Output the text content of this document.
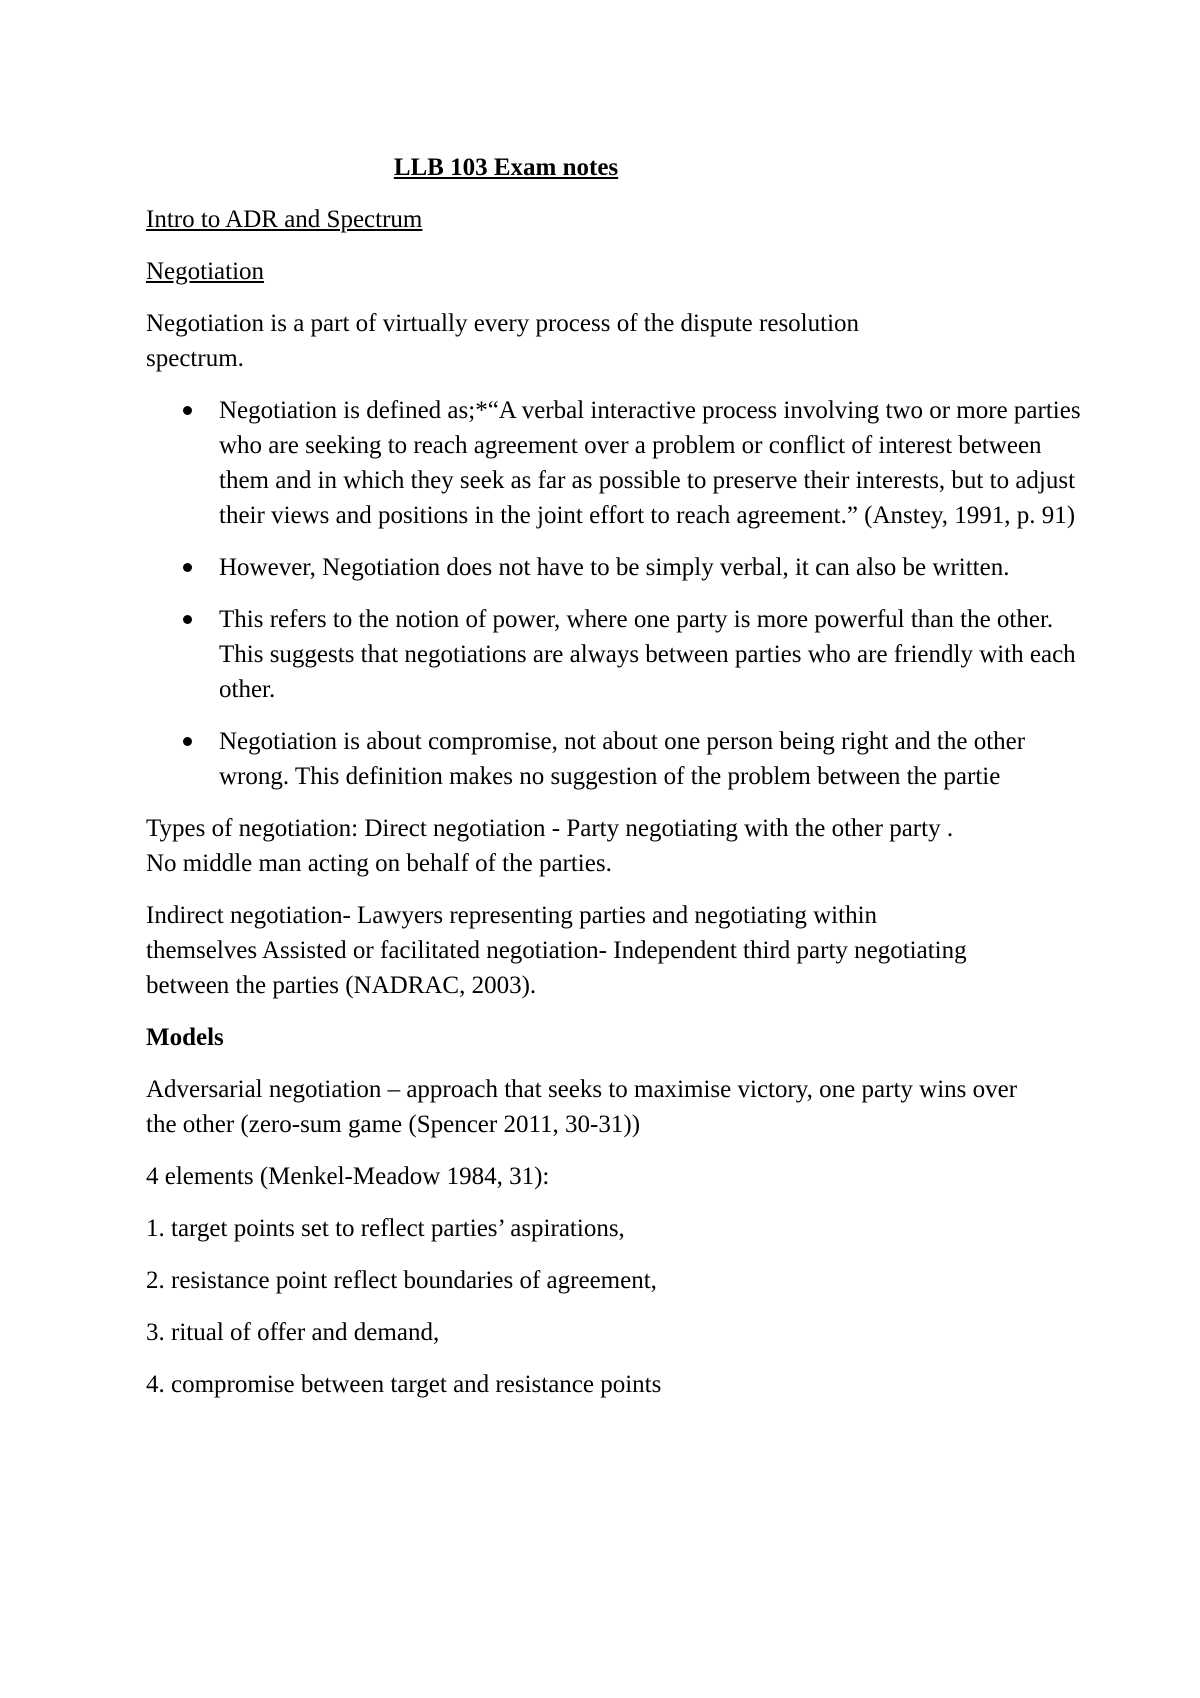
LLB 103 Exam notes
Intro to ADR and Spectrum
Negotiation

Negotiation is a part of virtually every process of the dispute resolution spectrum.

Negotiation is defined as;*“A verbal interactive process involving two or more parties who are seeking to reach agreement over a problem or conflict of interest between them and in which they seek as far as possible to preserve their interests, but to adjust their views and positions in the joint effort to reach agreement.” (Anstey, 1991, p. 91)
However, Negotiation does not have to be simply verbal, it can also be written.
This refers to the notion of power, where one party is more powerful than the other. This suggests that negotiations are always between parties who are friendly with each other.
Negotiation is about compromise, not about one person being right and the other wrong. This definition makes no suggestion of the problem between the partie

Types of negotiation: Direct negotiation - Party negotiating with the other party . No middle man acting on behalf of the parties.

Indirect negotiation- Lawyers representing parties and negotiating within themselves Assisted or facilitated negotiation- Independent third party negotiating between the parties (NADRAC, 2003).

Models

Adversarial negotiation – approach that seeks to maximise victory, one party wins over the other (zero-sum game (Spencer 2011, 30-31))

4 elements (Menkel-Meadow 1984, 31):

1. target points set to reflect parties’ aspirations,
2. resistance point reflect boundaries of agreement,
3. ritual of offer and demand,
4. compromise between target and resistance points
